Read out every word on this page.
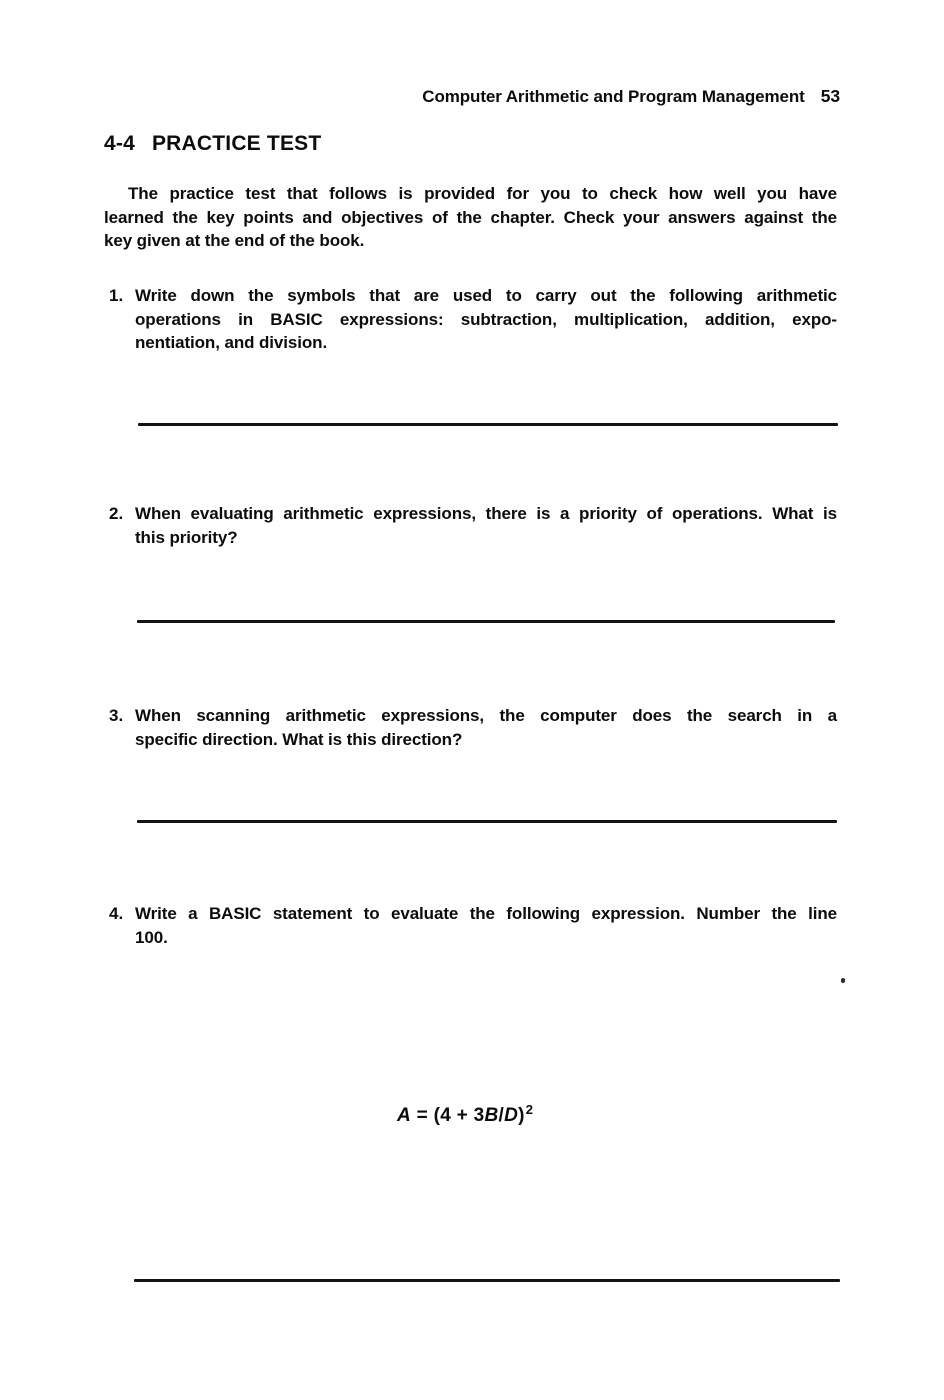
Computer Arithmetic and Program Management 53
4-4 PRACTICE TEST
The practice test that follows is provided for you to check how well you have
learned the key points and objectives of the chapter. Check your answers against the
key given at the end of the book.
1. Write down the symbols that are used to carry out the following arithmetic
operations in BASIC expressions: subtraction, multiplication, addition, expo-
nentiation, and division.
2. When evaluating arithmetic expressions, there is a priority of operations. What is
this priority?
3. When scanning arithmetic expressions, the computer does the search in a
specific direction. What is this direction?
4. Write a BASIC statement to evaluate the following expression. Number the line
100.
$A = (4 + 3B/D)^2$
